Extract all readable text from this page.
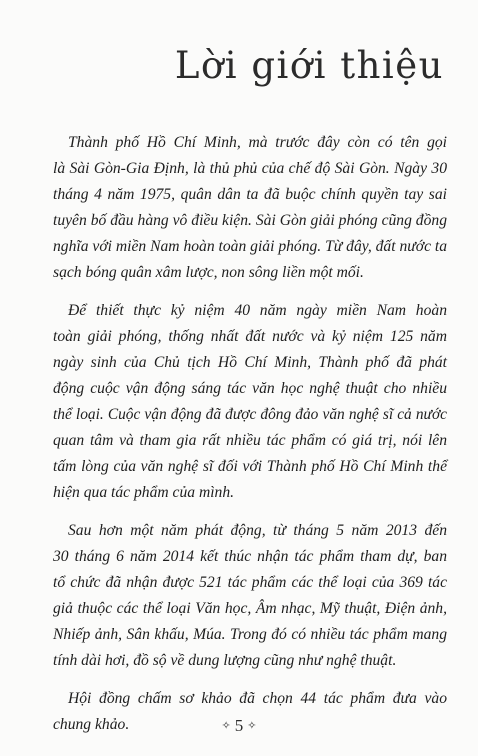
Lời giới thiệu

Thành phố Hồ Chí Minh, mà trước đây còn có tên gọi
là Sài Gòn-Gia Định, là thủ phủ của chế độ Sài Gòn. Ngày 30
tháng 4 năm 1975, quân dân ta đã buộc chính quyền tay sai
tuyên bố đầu hàng vô điều kiện. Sài Gòn giải phóng cũng đồng
nghĩa với miền Nam hoàn toàn giải phóng. Từ đây, đất nước ta
sạch bóng quân xâm lược, non sông liền một mối.

Để thiết thực kỷ niệm 40 năm ngày miền Nam hoàn
toàn giải phóng, thống nhất đất nước và kỷ niệm 125 năm
ngày sinh của Chủ tịch Hồ Chí Minh, Thành phố đã phát
động cuộc vận động sáng tác văn học nghệ thuật cho nhiều
thể loại. Cuộc vận động đã được đông đảo văn nghệ sĩ cả nước
quan tâm và tham gia rất nhiều tác phẩm có giá trị, nói lên
tấm lòng của văn nghệ sĩ đối với Thành phố Hồ Chí Minh thể
hiện qua tác phẩm của mình.

Sau hơn một năm phát động, từ tháng 5 năm 2013 đến
30 tháng 6 năm 2014 kết thúc nhận tác phẩm tham dự, ban
tổ chức đã nhận được 521 tác phẩm các thể loại của 369 tác
giả thuộc các thể loại Văn học, Âm nhạc, Mỹ thuật, Điện ảnh,
Nhiếp ảnh, Sân khấu, Múa. Trong đó có nhiều tác phẩm mang
tính dài hơi, đồ sộ về dung lượng cũng như nghệ thuật.

Hội đồng chấm sơ khảo đã chọn 44 tác phẩm đưa vào
chung khảo.	✧ 5 ✧
